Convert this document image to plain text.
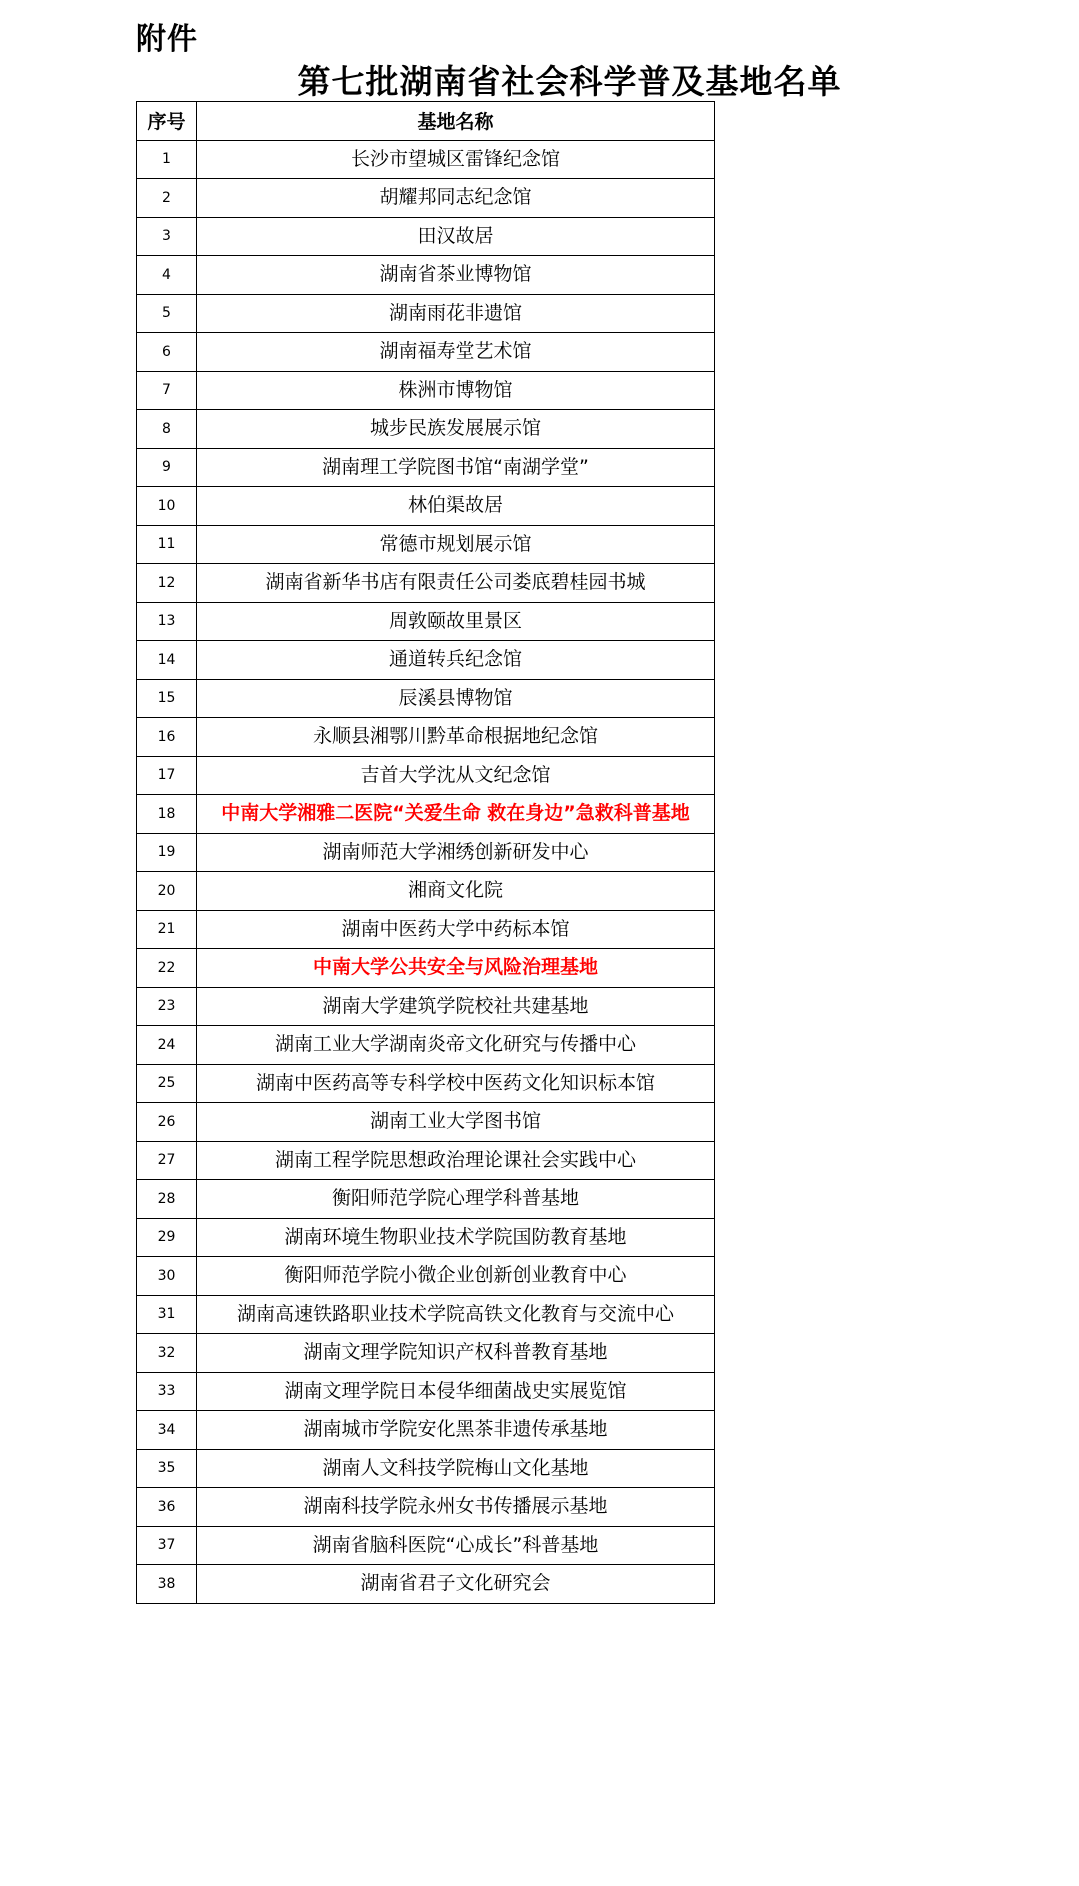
附件
第七批湖南省社会科学普及基地名单
序号	基地名称
1	长沙市望城区雷锋纪念馆
2	胡耀邦同志纪念馆
3	田汉故居
4	湖南省茶业博物馆
5	湖南雨花非遗馆
6	湖南福寿堂艺术馆
7	株洲市博物馆
8	城步民族发展展示馆
9	湖南理工学院图书馆“南湖学堂”
10	林伯渠故居
11	常德市规划展示馆
12	湖南省新华书店有限责任公司娄底碧桂园书城
13	周敦颐故里景区
14	通道转兵纪念馆
15	辰溪县博物馆
16	永顺县湘鄂川黔革命根据地纪念馆
17	吉首大学沈从文纪念馆
18	中南大学湘雅二医院“关爱生命 救在身边”急救科普基地
19	湖南师范大学湘绣创新研发中心
20	湘商文化院
21	湖南中医药大学中药标本馆
22	中南大学公共安全与风险治理基地
23	湖南大学建筑学院校社共建基地
24	湖南工业大学湖南炎帝文化研究与传播中心
25	湖南中医药高等专科学校中医药文化知识标本馆
26	湖南工业大学图书馆
27	湖南工程学院思想政治理论课社会实践中心
28	衡阳师范学院心理学科普基地
29	湖南环境生物职业技术学院国防教育基地
30	衡阳师范学院小微企业创新创业教育中心
31	湖南高速铁路职业技术学院高铁文化教育与交流中心
32	湖南文理学院知识产权科普教育基地
33	湖南文理学院日本侵华细菌战史实展览馆
34	湖南城市学院安化黑茶非遗传承基地
35	湖南人文科技学院梅山文化基地
36	湖南科技学院永州女书传播展示基地
37	湖南省脑科医院“心成长”科普基地
38	湖南省君子文化研究会
